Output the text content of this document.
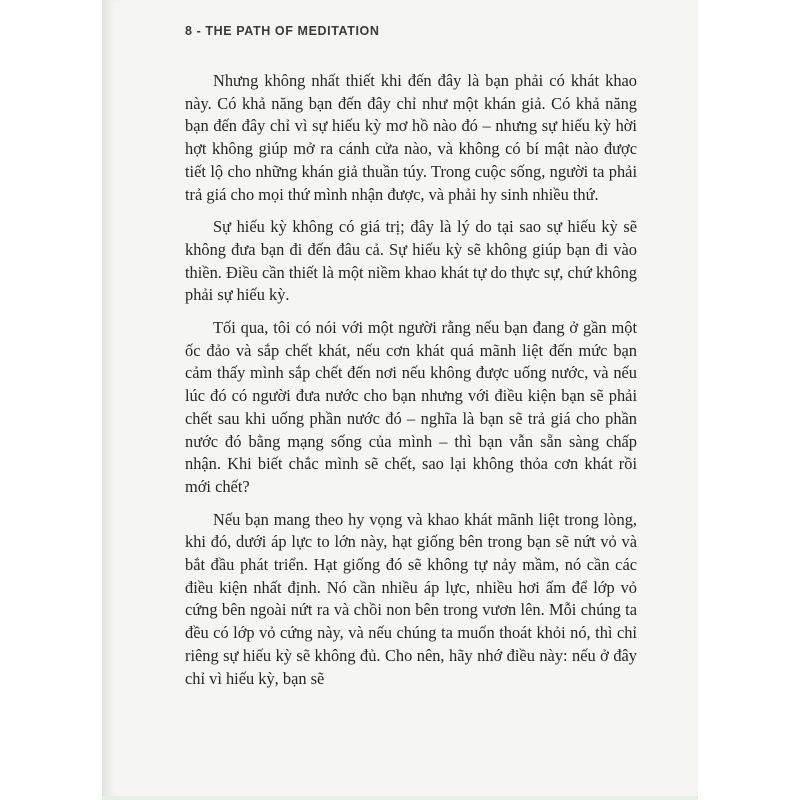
8 - THE PATH OF MEDITATION

Nhưng không nhất thiết khi đến đây là bạn phải có khát khao này. Có khả năng bạn đến đây chỉ như một khán giả. Có khả năng bạn đến đây chỉ vì sự hiếu kỳ mơ hồ nào đó – nhưng sự hiếu kỳ hời hợt không giúp mở ra cánh cửa nào, và không có bí mật nào được tiết lộ cho những khán giả thuần túy. Trong cuộc sống, người ta phải trả giá cho mọi thứ mình nhận được, và phải hy sinh nhiều thứ.

Sự hiếu kỳ không có giá trị; đây là lý do tại sao sự hiếu kỳ sẽ không đưa bạn đi đến đâu cả. Sự hiếu kỳ sẽ không giúp bạn đi vào thiền. Điều cần thiết là một niềm khao khát tự do thực sự, chứ không phải sự hiếu kỳ.

Tối qua, tôi có nói với một người rằng nếu bạn đang ở gần một ốc đảo và sắp chết khát, nếu cơn khát quá mãnh liệt đến mức bạn cảm thấy mình sắp chết đến nơi nếu không được uống nước, và nếu lúc đó có người đưa nước cho bạn nhưng với điều kiện bạn sẽ phải chết sau khi uống phần nước đó – nghĩa là bạn sẽ trả giá cho phần nước đó bằng mạng sống của mình – thì bạn vẫn sẵn sàng chấp nhận. Khi biết chắc mình sẽ chết, sao lại không thỏa cơn khát rồi mới chết?

Nếu bạn mang theo hy vọng và khao khát mãnh liệt trong lòng, khi đó, dưới áp lực to lớn này, hạt giống bên trong bạn sẽ nứt vỏ và bắt đầu phát triển. Hạt giống đó sẽ không tự nảy mầm, nó cần các điều kiện nhất định. Nó cần nhiều áp lực, nhiều hơi ấm để lớp vỏ cứng bên ngoài nứt ra và chồi non bên trong vươn lên. Mỗi chúng ta đều có lớp vỏ cứng này, và nếu chúng ta muốn thoát khỏi nó, thì chỉ riêng sự hiếu kỳ sẽ không đủ. Cho nên, hãy nhớ điều này: nếu ở đây chỉ vì hiếu kỳ, bạn sẽ
